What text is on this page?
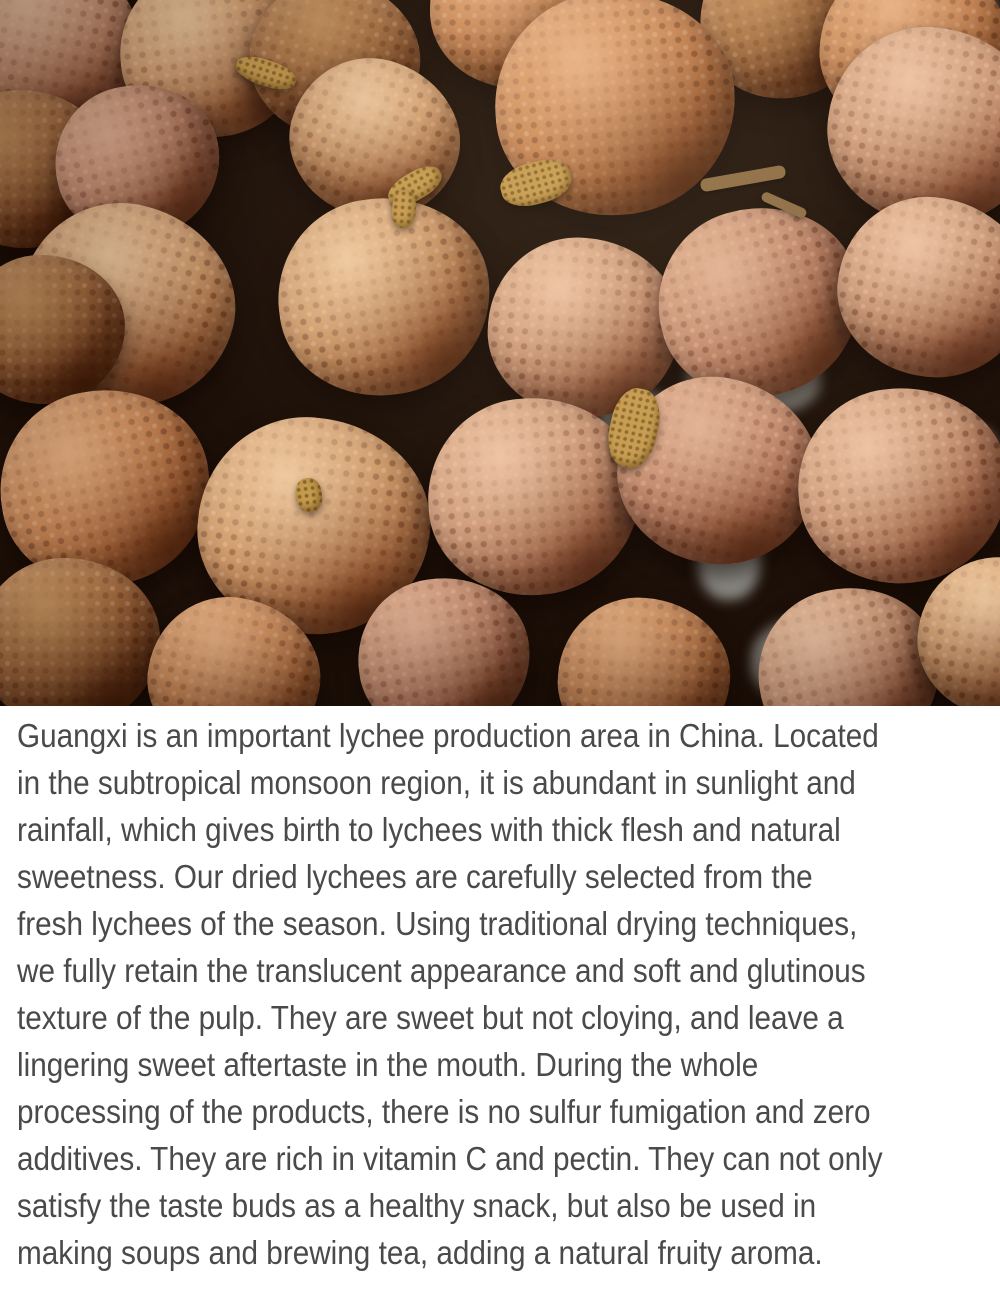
Guangxi is an important lychee production area in China. Located
in the subtropical monsoon region, it is abundant in sunlight and
rainfall, which gives birth to lychees with thick flesh and natural
sweetness. Our dried lychees are carefully selected from the
fresh lychees of the season. Using traditional drying techniques,
we fully retain the translucent appearance and soft and glutinous
texture of the pulp. They are sweet but not cloying, and leave a
lingering sweet aftertaste in the mouth. During the whole
processing of the products, there is no sulfur fumigation and zero
additives. They are rich in vitamin C and pectin. They can not only
satisfy the taste buds as a healthy snack, but also be used in
making soups and brewing tea, adding a natural fruity aroma.
